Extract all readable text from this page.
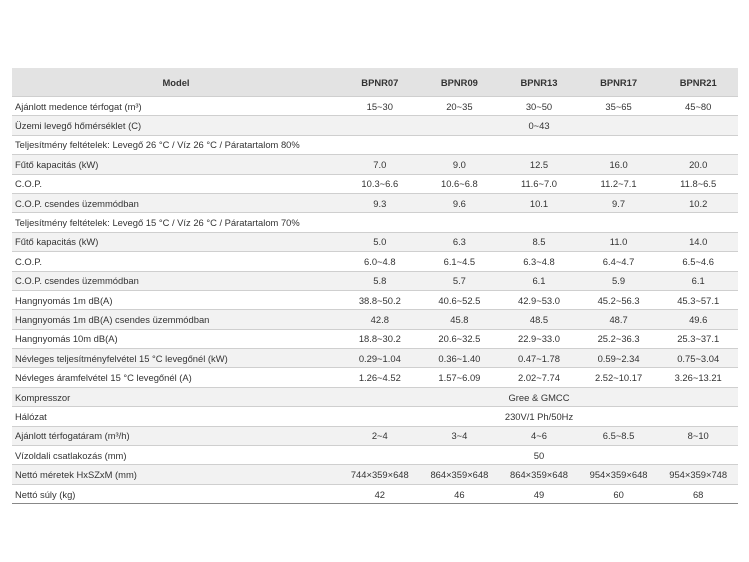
Model	BPNR07	BPNR09	BPNR13	BPNR17	BPNR21
Ajánlott medence térfogat (m³)	15~30	20~35	30~50	35~65	45~80
Üzemi levegő hőmérséklet (C)	0~43				
Teljesítmény feltételek: Levegő 26 °C / Víz 26 °C / Páratartalom 80%					
Fűtő kapacitás (kW)	7.0	9.0	12.5	16.0	20.0
C.O.P.	10.3~6.6	10.6~6.8	11.6~7.0	11.2~7.1	11.8~6.5
C.O.P. csendes üzemmódban	9.3	9.6	10.1	9.7	10.2
Teljesítmény feltételek: Levegő 15 °C / Víz 26 °C / Páratartalom 70%					
Fűtő kapacitás (kW)	5.0	6.3	8.5	11.0	14.0
C.O.P.	6.0~4.8	6.1~4.5	6.3~4.8	6.4~4.7	6.5~4.6
C.O.P. csendes üzemmódban	5.8	5.7	6.1	5.9	6.1
Hangnyomás 1m dB(A)	38.8~50.2	40.6~52.5	42.9~53.0	45.2~56.3	45.3~57.1
Hangnyomás 1m dB(A) csendes üzemmódban	42.8	45.8	48.5	48.7	49.6
Hangnyomás 10m dB(A)	18.8~30.2	20.6~32.5	22.9~33.0	25.2~36.3	25.3~37.1
Névleges teljesítményfelvétel 15 °C levegőnél (kW)	0.29~1.04	0.36~1.40	0.47~1.78	0.59~2.34	0.75~3.04
Névleges áramfelvétel 15 °C levegőnél (A)	1.26~4.52	1.57~6.09	2.02~7.74	2.52~10.17	3.26~13.21
Kompresszor	Gree & GMCC				
Hálózat	230V/1 Ph/50Hz				
Ajánlott térfogatáram (m³/h)	2~4	3~4	4~6	6.5~8.5	8~10
Vízoldali csatlakozás (mm)	50				
Nettó méretek HxSZxM (mm)	744×359×648	864×359×648	864×359×648	954×359×648	954×359×748
Nettó súly (kg)	42	46	49	60	68
